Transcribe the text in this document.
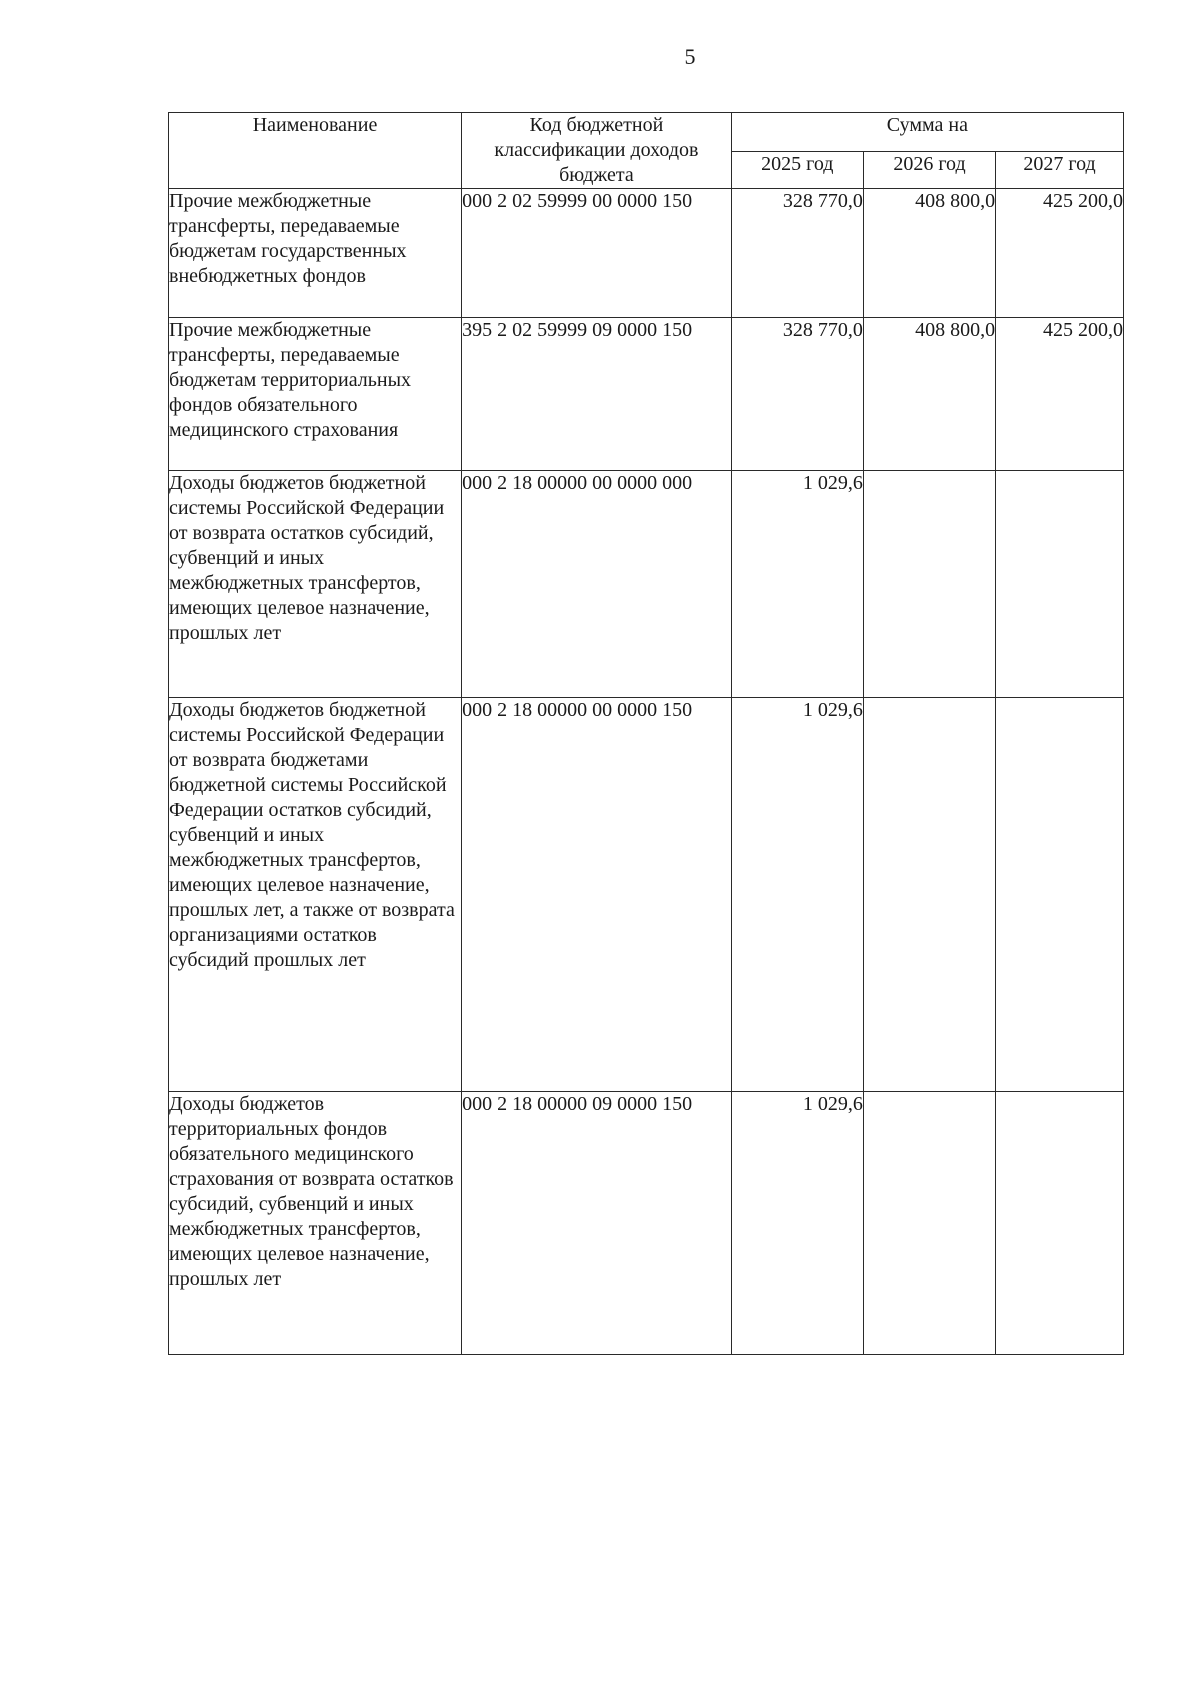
5
Наименование	Код бюджетной классификации доходов бюджета	Сумма на		
		2025 год	2026 год	2027 год
Прочие межбюджетные трансферты, передаваемые бюджетам государственных внебюджетных фондов	000 2 02 59999 00 0000 150	328 770,0	408 800,0	425 200,0
Прочие межбюджетные трансферты, передаваемые бюджетам территориальных фондов обязательного медицинского страхования	395 2 02 59999 09 0000 150	328 770,0	408 800,0	425 200,0
Доходы бюджетов бюджетной системы Российской Федерации от возврата остатков субсидий, субвенций и иных межбюджетных трансфертов, имеющих целевое назначение, прошлых лет	000 2 18 00000 00 0000 000	1 029,6		
Доходы бюджетов бюджетной системы Российской Федерации от возврата бюджетами бюджетной системы Российской Федерации остатков субсидий, субвенций и иных межбюджетных трансфертов, имеющих целевое назначение, прошлых лет, а также от возврата организациями остатков субсидий прошлых лет	000 2 18 00000 00 0000 150	1 029,6		
Доходы бюджетов территориальных фондов обязательного медицинского страхования от возврата остатков субсидий, субвенций и иных межбюджетных трансфертов, имеющих целевое назначение, прошлых лет	000 2 18 00000 09 0000 150	1 029,6		
